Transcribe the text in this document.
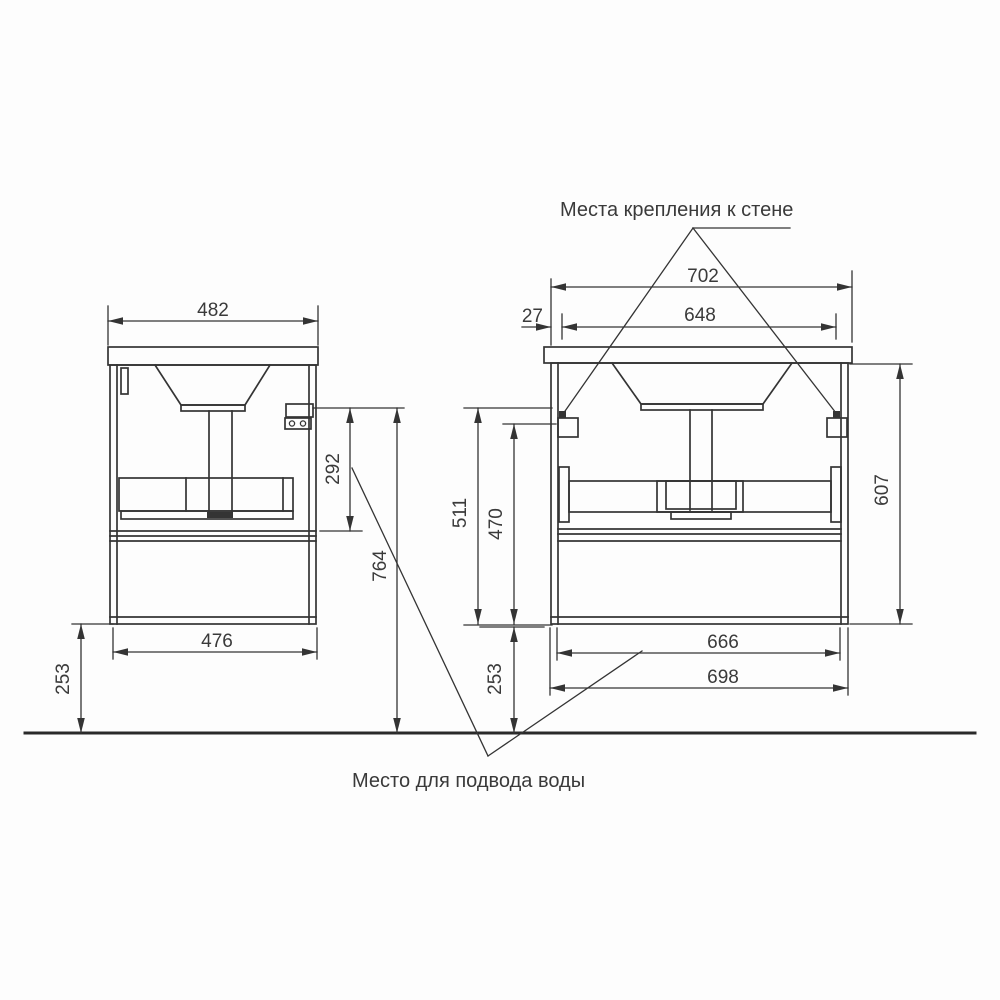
482
292
764
476
253
702
27	648
511 470
607
666
698
253
Места крепления к стене
Место для подвода воды
